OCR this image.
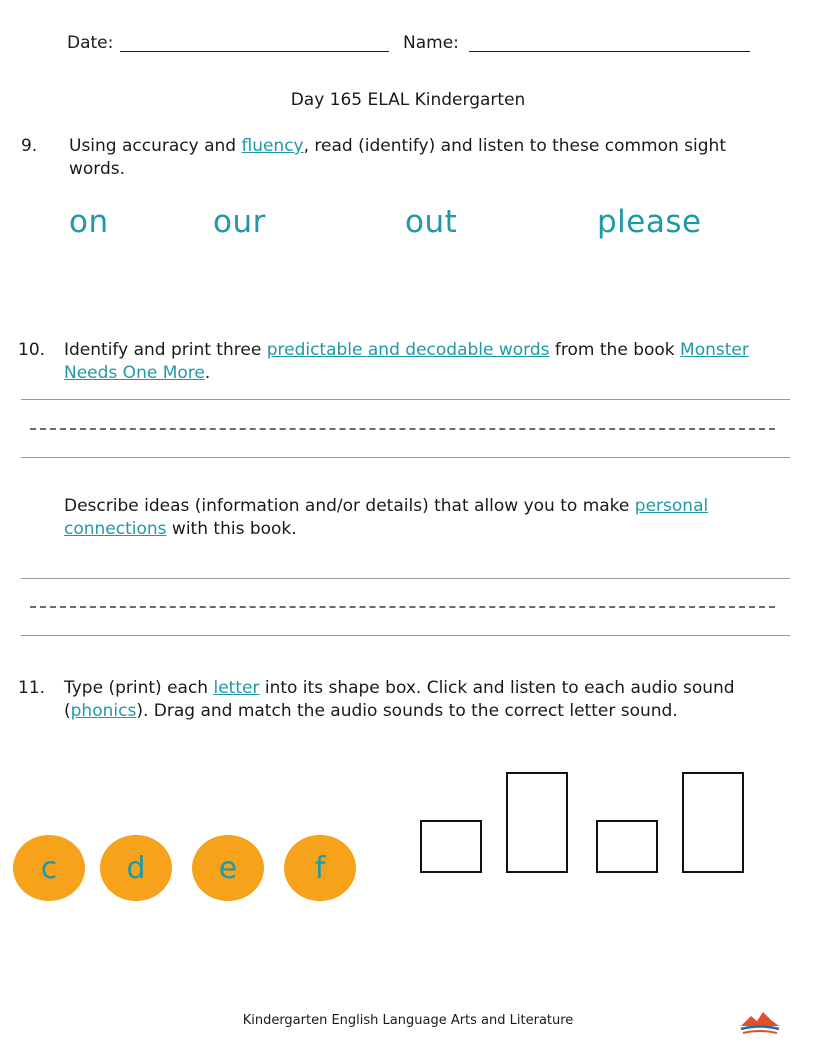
Date:	Name:
Day 165 ELAL Kindergarten
9. Using accuracy and fluency, read (identify) and listen to these common sight
words.
on	our	out	please
10. Identify and print three predictable and decodable words from the book Monster
Needs One More.
Describe ideas (information and/or details) that allow you to make personal
connections with this book.
11. Type (print) each letter into its shape box. Click and listen to each audio sound
(phonics). Drag and match the audio sounds to the correct letter sound.
c	d	e	f
Kindergarten English Language Arts and Literature
